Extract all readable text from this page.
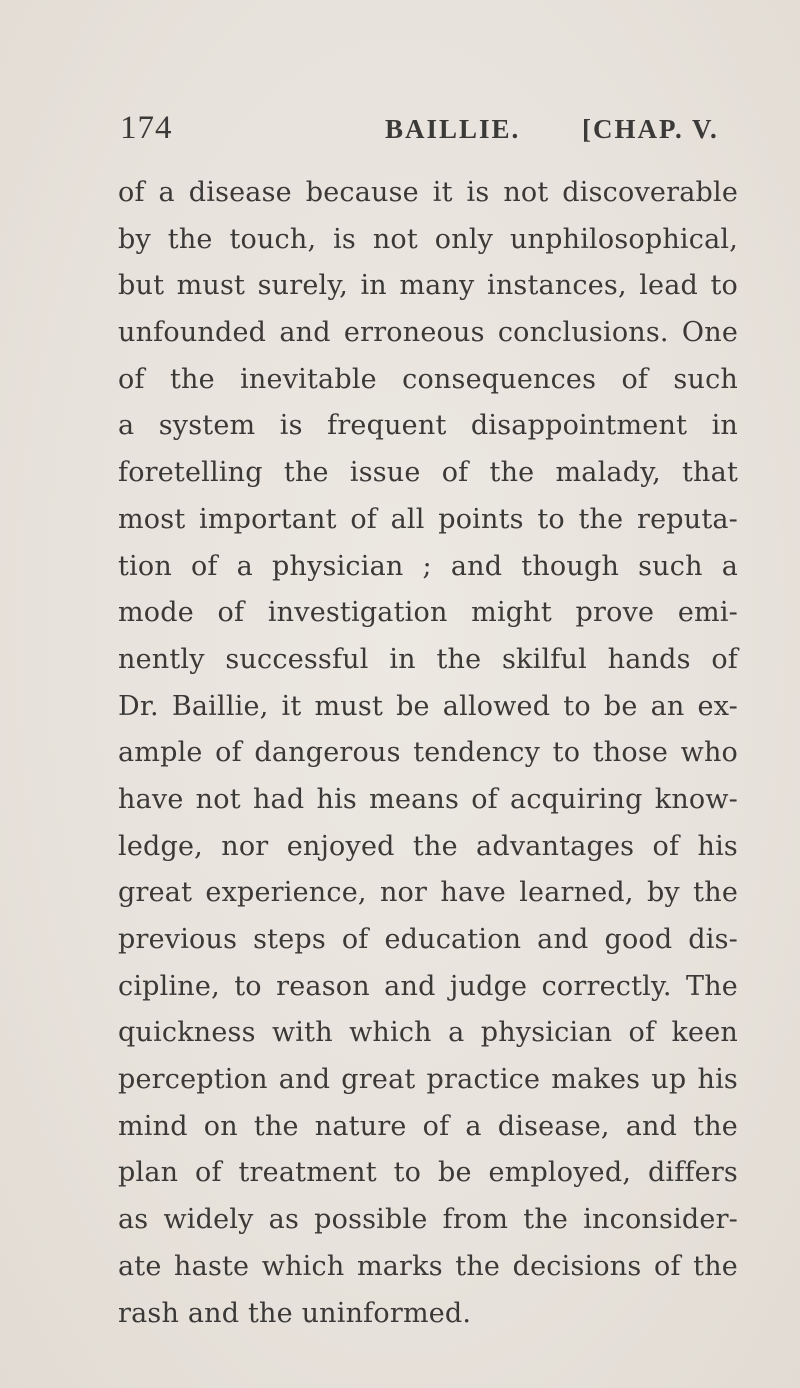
174	BAILLIE. [CHAP. V.
of a disease because it is not discoverable
by the touch, is not only unphilosophical,
but must surely, in many instances, lead to
unfounded and erroneous conclusions. One
of the inevitable consequences of such
a system is frequent disappointment in
foretelling the issue of the malady, that
most important of all points to the reputa-
tion of a physician ; and though such a
mode of investigation might prove emi-
nently successful in the skilful hands of
Dr. Baillie, it must be allowed to be an ex-
ample of dangerous tendency to those who
have not had his means of acquiring know-
ledge, nor enjoyed the advantages of his
great experience, nor have learned, by the
previous steps of education and good dis-
cipline, to reason and judge correctly. The
quickness with which a physician of keen
perception and great practice makes up his
mind on the nature of a disease, and the
plan of treatment to be employed, differs
as widely as possible from the inconsider-
ate haste which marks the decisions of the
rash and the uninformed.
